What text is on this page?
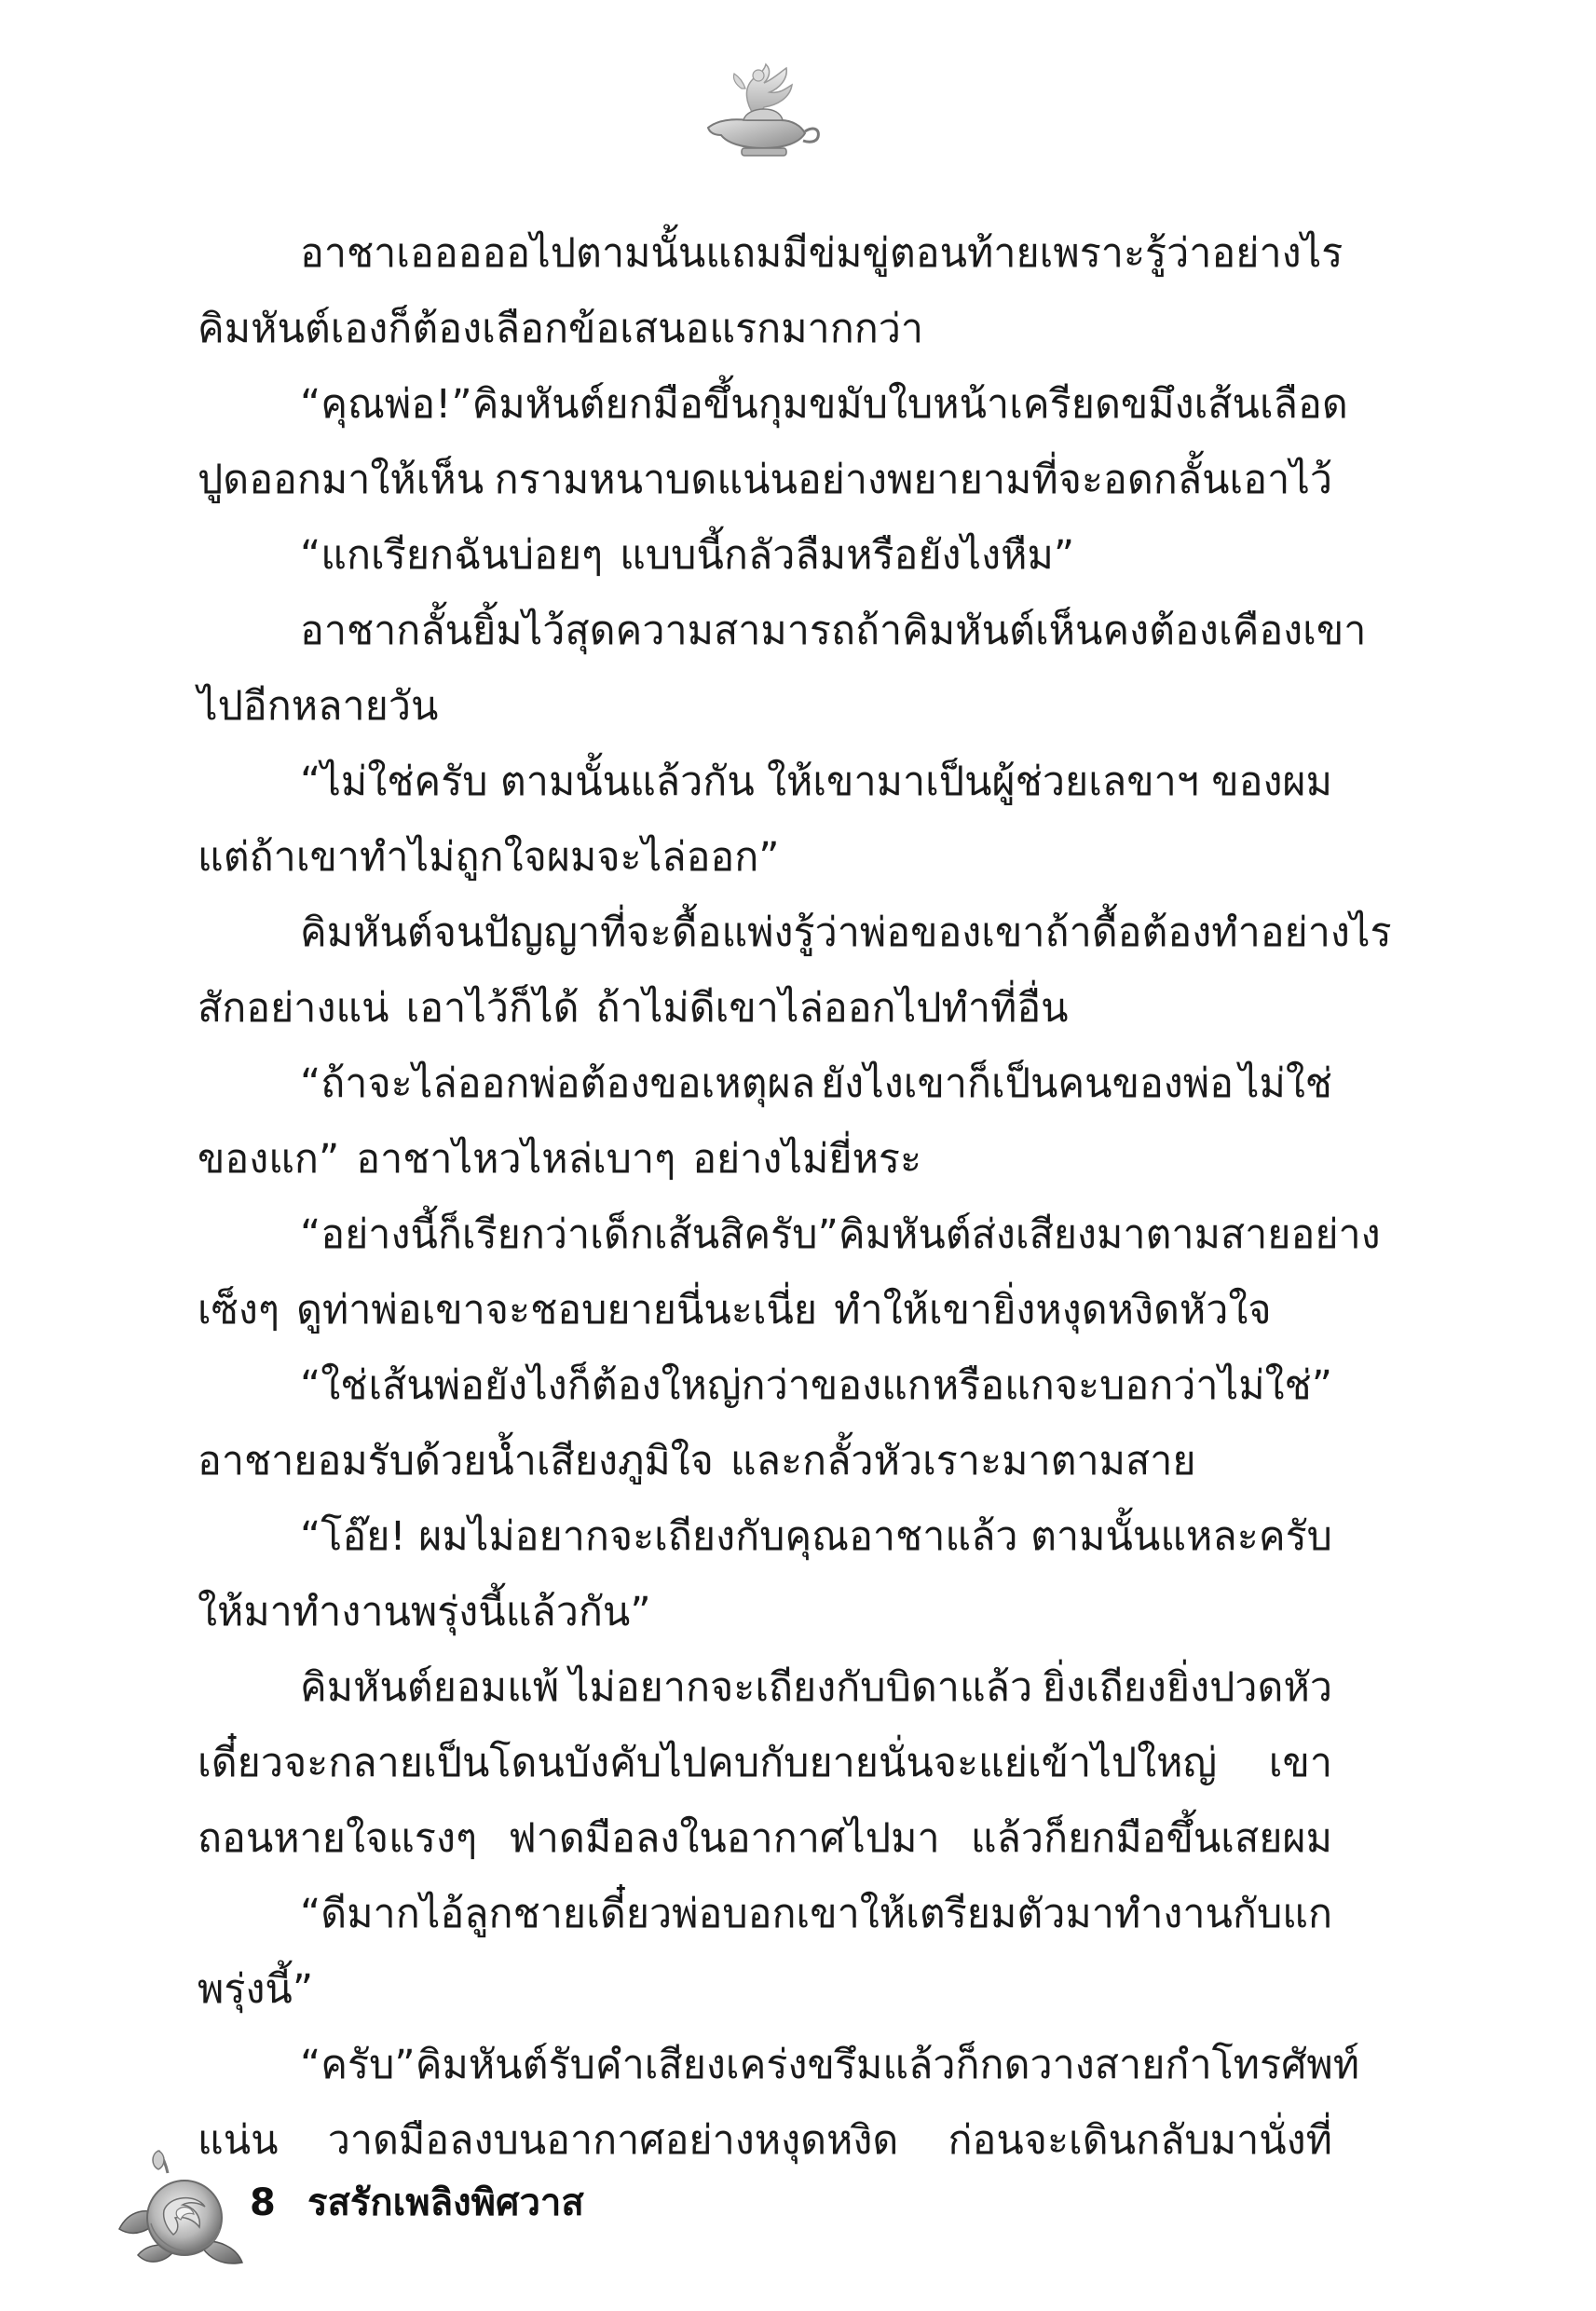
อาชาเอออออไปตามนั้น แถมมีข่มขู่ตอนท้าย เพราะรู้ว่าอย่างไร
คิมหันต์เองก็ต้องเลือกข้อเสนอแรกมากกว่า
“คุณพ่อ!” คิมหันต์ยกมือขึ้นกุมขมับ ใบหน้าเครียดขมึงเส้นเลือด
ปูดออกมาให้เห็น กรามหนาบดแน่นอย่างพยายามที่จะอดกลั้นเอาไว้
“แกเรียกฉันบ่อยๆ แบบนี้กลัวลืมหรือยังไงหืม”
อาชากลั้นยิ้มไว้สุดความสามารถ ถ้าคิมหันต์เห็นคงต้องเคืองเขา
ไปอีกหลายวัน
“ไม่ใช่ครับ ตามนั้นแล้วกัน ให้เขามาเป็นผู้ช่วยเลขาฯ ของผม
แต่ถ้าเขาทำไม่ถูกใจผมจะไล่ออก”
คิมหันต์จนปัญญาที่จะดื้อแพ่ง รู้ว่าพ่อของเขาถ้าดื้อต้องทำอย่างไร
สักอย่างแน่ เอาไว้ก็ได้ ถ้าไม่ดีเขาไล่ออกไปทำที่อื่น
“ถ้าจะไล่ออกพ่อต้องขอเหตุผล ยังไงเขาก็เป็นคนของพ่อ ไม่ใช่
ของแก” อาชาไหวไหล่เบาๆ อย่างไม่ยี่หระ
“อย่างนี้ก็เรียกว่าเด็กเส้นสิครับ” คิมหันต์ส่งเสียงมาตามสายอย่าง
เซ็งๆ ดูท่าพ่อเขาจะชอบยายนี่นะเนี่ย ทำให้เขายิ่งหงุดหงิดหัวใจ
“ใช่ เส้นพ่อยังไงก็ต้องใหญ่กว่าของแก หรือแกจะบอกว่าไม่ใช่”
อาชายอมรับด้วยน้ำเสียงภูมิใจ และกลั้วหัวเราะมาตามสาย
“โอ๊ย! ผมไม่อยากจะเถียงกับคุณอาชาแล้ว ตามนั้นแหละครับ
ให้มาทำงานพรุ่งนี้แล้วกัน”
คิมหันต์ยอมแพ้ ไม่อยากจะเถียงกับบิดาแล้ว ยิ่งเถียงยิ่งปวดหัว
เดี๋ยวจะกลายเป็นโดนบังคับไปคบกับยายนั่นจะแย่เข้าไปใหญ่ เขา
ถอนหายใจแรงๆ ฟาดมือลงในอากาศไปมา แล้วก็ยกมือขึ้นเสยผม
“ดีมากไอ้ลูกชาย เดี๋ยวพ่อบอกเขาให้เตรียมตัวมาทำงานกับแก
พรุ่งนี้”
“ครับ” คิมหันต์รับคำเสียงเคร่งขรึมแล้วก็กดวางสาย กำโทรศัพท์
แน่น วาดมือลงบนอากาศอย่างหงุดหงิด ก่อนจะเดินกลับมานั่งที่
8 รสรักเพลิงพิศวาส
